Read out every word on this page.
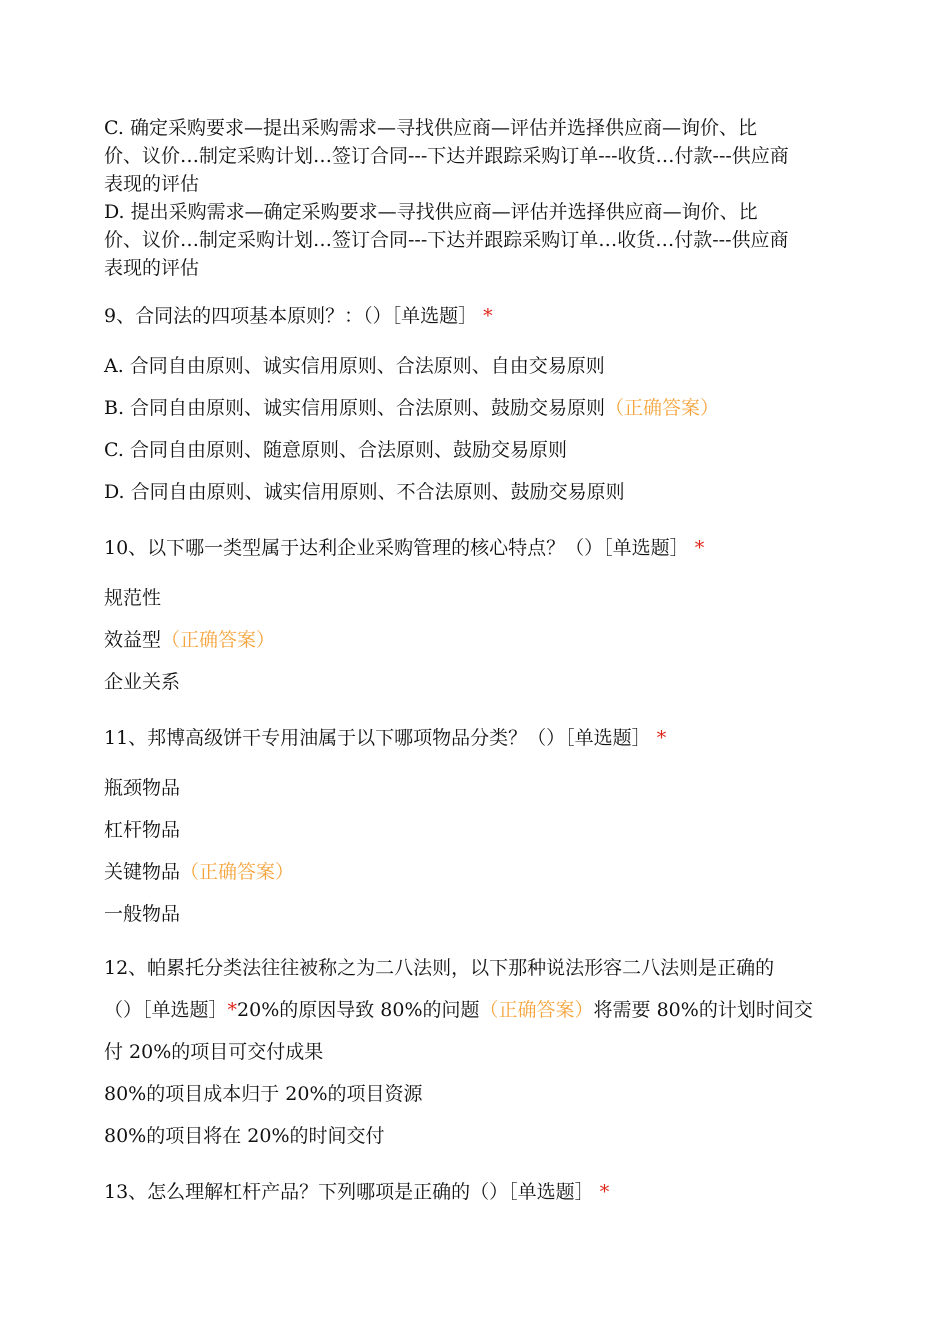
C. 确定采购要求—提出采购需求—寻找供应商—评估并选择供应商—询价、比
价、议价…制定采购计划…签订合同---下达并跟踪采购订单---收货…付款---供应商
表现的评估
D. 提出采购需求—确定采购要求—寻找供应商—评估并选择供应商—询价、比
价、议价…制定采购计划…签订合同---下达并跟踪采购订单…收货…付款---供应商
表现的评估
9、合同法的四项基本原则？：（）［单选题］ *
A. 合同自由原则、诚实信用原则、合法原则、自由交易原则
B. 合同自由原则、诚实信用原则、合法原则、鼓励交易原则（正确答案）
C. 合同自由原则、随意原则、合法原则、鼓励交易原则
D. 合同自由原则、诚实信用原则、不合法原则、鼓励交易原则
10、以下哪一类型属于达利企业采购管理的核心特点？（）［单选题］ *
规范性
效益型（正确答案）
企业关系
11、邦博高级饼干专用油属于以下哪项物品分类？（）［单选题］ *
瓶颈物品
杠杆物品
关键物品（正确答案）
一般物品
12、帕累托分类法往往被称之为二八法则，以下那种说法形容二八法则是正确的
（）［单选题］*20%的原因导致 80%的问题（正确答案）将需要 80%的计划时间交
付 20%的项目可交付成果
80%的项目成本归于 20%的项目资源
80%的项目将在 20%的时间交付
13、怎么理解杠杆产品？下列哪项是正确的（）［单选题］ *
